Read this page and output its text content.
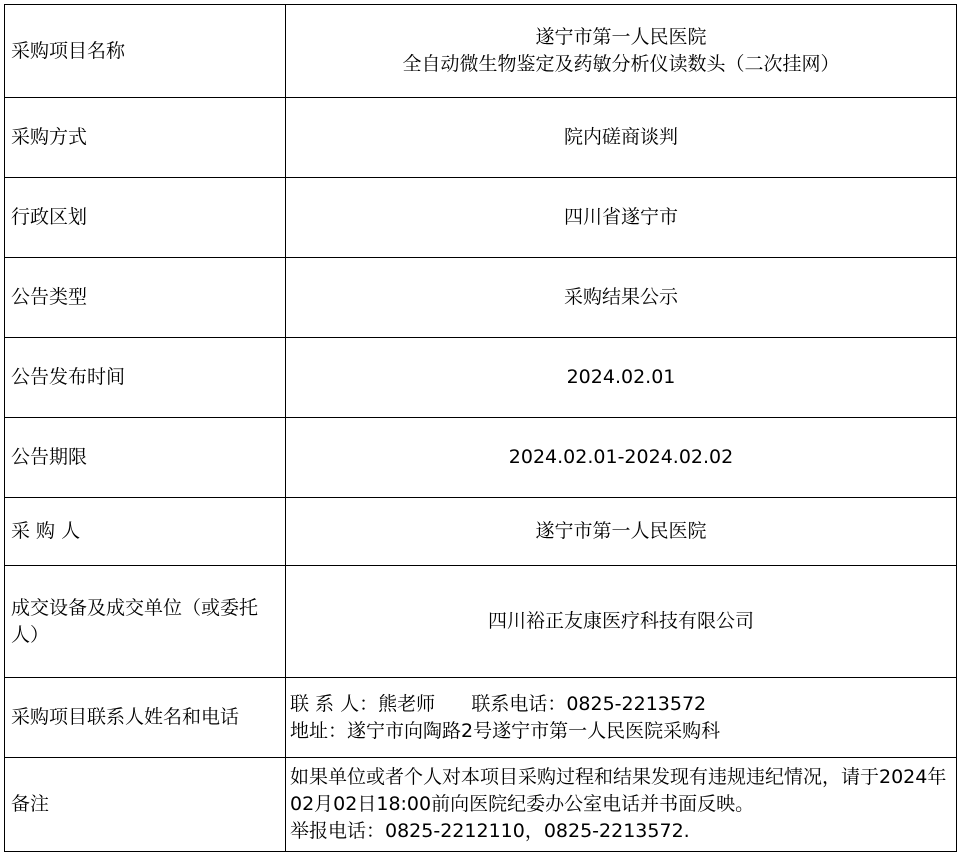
采购项目名称	遂宁市第一人民医院
全自动微生物鉴定及药敏分析仪读数头（二次挂网）

采购方式	院内磋商谈判
行政区划	四川省遂宁市
公告类型	采购结果公示
公告发布时间	2024.02.01
公告期限	2024.02.01-2024.02.02
采 购 人	遂宁市第一人民医院

成交设备及成交单位（或委托人）	四川裕正友康医疗科技有限公司
采购项目联系人姓名和电话	联 系 人：熊老师      联系电话：0825-2213572
地址：遂宁市向陶路2号遂宁市第一人民医院采购科

备注	如果单位或者个人对本项目采购过程和结果发现有违规违纪情况，请于2024年02月02日18:00前向医院纪委办公室电话并书面反映。
举报电话：0825-2212110，0825-2213572.
